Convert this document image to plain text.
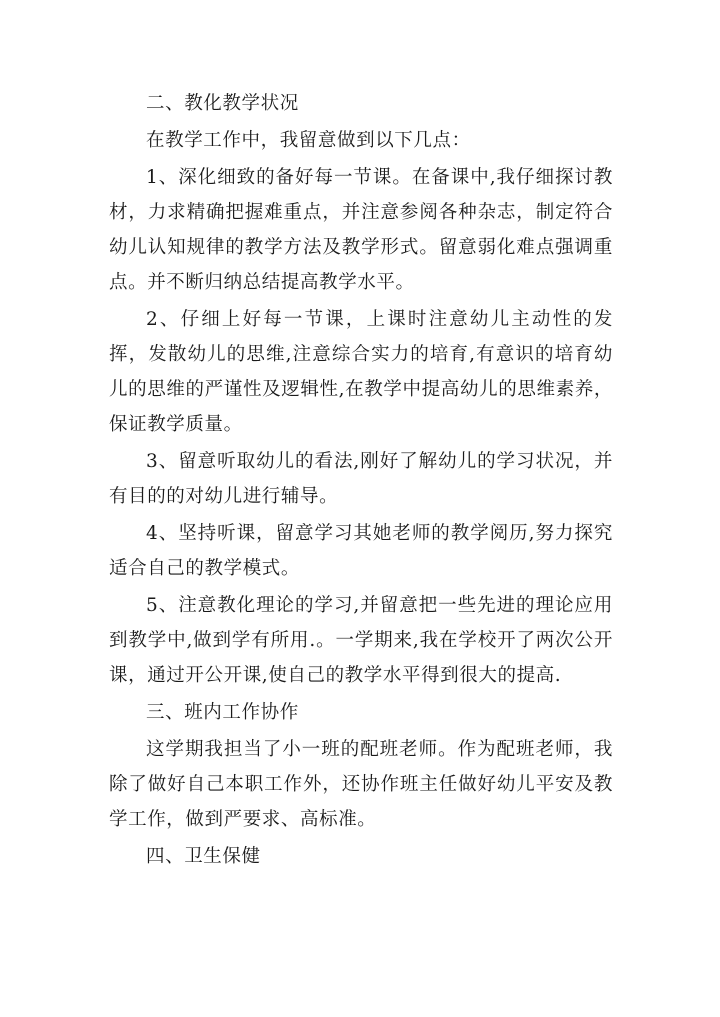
二、教化教学状况

在教学工作中，我留意做到以下几点：

1、深化细致的备好每一节课。在备课中,我仔细探讨教材，力求精确把握难重点，并注意参阅各种杂志，制定符合幼儿认知规律的教学方法及教学形式。留意弱化难点强调重点。并不断归纳总结提高教学水平。

2、仔细上好每一节课，上课时注意幼儿主动性的发挥，发散幼儿的思维,注意综合实力的培育,有意识的培育幼儿的思维的严谨性及逻辑性,在教学中提高幼儿的思维素养，保证教学质量。

3、留意听取幼儿的看法,刚好了解幼儿的学习状况，并有目的的对幼儿进行辅导。

4、坚持听课，留意学习其她老师的教学阅历,努力探究适合自己的教学模式。

5、注意教化理论的学习,并留意把一些先进的理论应用到教学中,做到学有所用.。一学期来,我在学校开了两次公开课，通过开公开课,使自己的教学水平得到很大的提高.

三、班内工作协作

这学期我担当了小一班的配班老师。作为配班老师，我除了做好自己本职工作外，还协作班主任做好幼儿平安及教学工作，做到严要求、高标准。

四、卫生保健
